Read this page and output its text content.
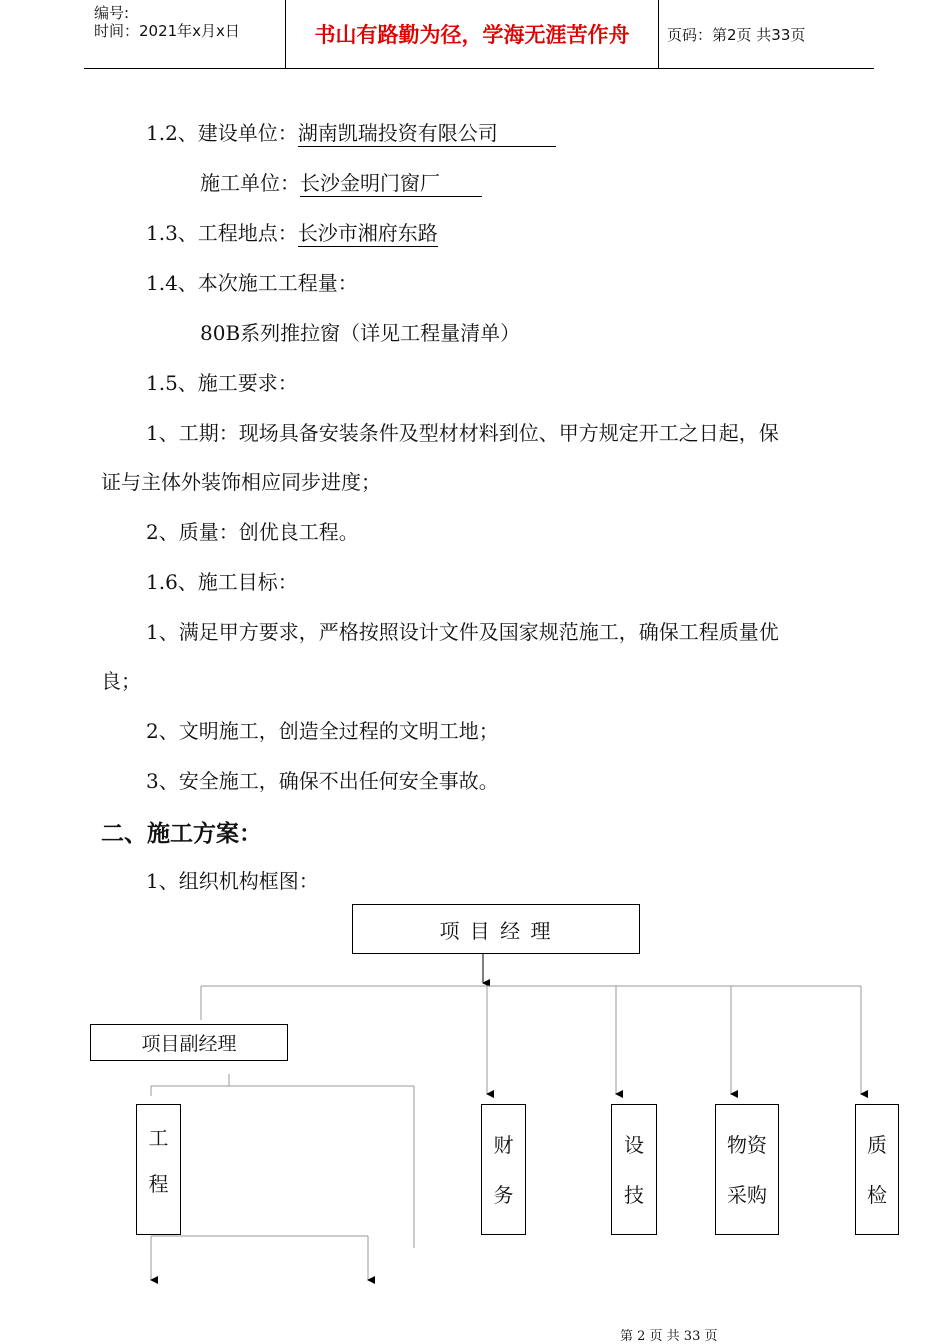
编号:
时间：2021年x月x日	书山有路勤为径，学海无涯苦作舟	页码：第2页 共33页
1.2、建设单位：湖南凯瑞投资有限公司
施工单位：长沙金明门窗厂
1.3、工程地点：长沙市湘府东路
1.4、本次施工工程量：
80B系列推拉窗（详见工程量清单）
1.5、施工要求：
1、工期：现场具备安装条件及型材材料到位、甲方规定开工之日起，保
证与主体外装饰相应同步进度；
2、质量：创优良工程。
1.6、施工目标：
1、满足甲方要求，严格按照设计文件及国家规范施工，确保工程质量优
良；
2、文明施工，创造全过程的文明工地；
3、安全施工，确保不出任何安全事故。
二、施工方案：
1、组织机构框图：
项 目 经 理
项目副经理
工
程
财
务
设
技
物资
采购
质
检
第 2 页 共 33 页
